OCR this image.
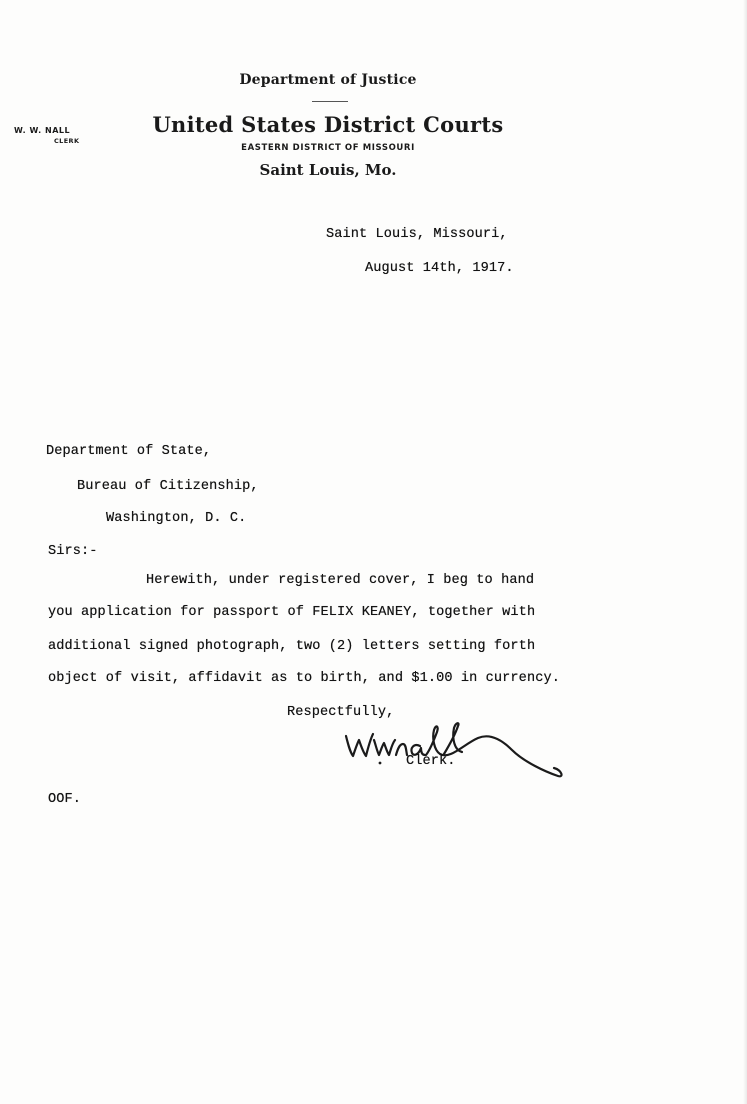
Department of Justice
United States District Courts
EASTERN DISTRICT OF MISSOURI
Saint Louis, Mo.
W. W. NALL
CLERK
Saint Louis, Missouri,
August 14th, 1917.
Department of State,
Bureau of Citizenship,
Washington, D. C.
Sirs:-
Herewith, under registered cover, I beg to hand
you application for passport of FELIX KEANEY, together with
additional signed photograph, two (2) letters setting forth
object of visit, affidavit as to birth, and $1.00 in currency.
Respectfully,
Clerk.
OOF.
